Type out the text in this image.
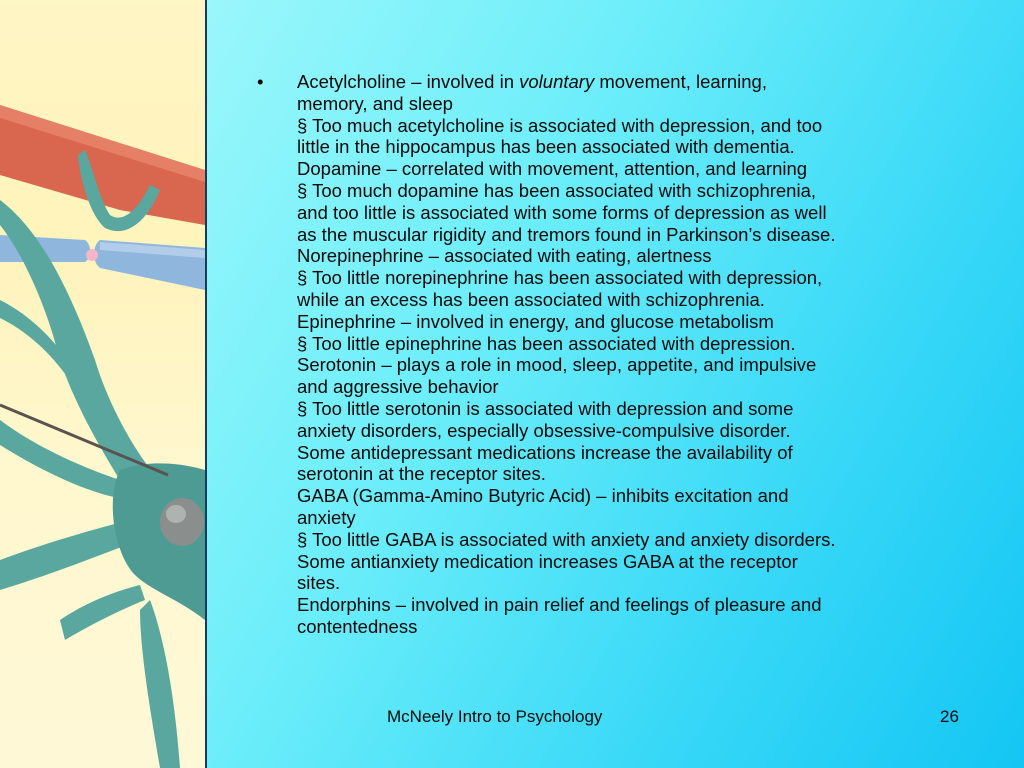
• Acetylcholine – involved in voluntary movement, learning,
memory, and sleep
§ Too much acetylcholine is associated with depression, and too
little in the hippocampus has been associated with dementia.
Dopamine – correlated with movement, attention, and learning
§ Too much dopamine has been associated with schizophrenia,
and too little is associated with some forms of depression as well
as the muscular rigidity and tremors found in Parkinson’s disease.
Norepinephrine – associated with eating, alertness
§ Too little norepinephrine has been associated with depression,
while an excess has been associated with schizophrenia.
Epinephrine – involved in energy, and glucose metabolism
§ Too little epinephrine has been associated with depression.
Serotonin – plays a role in mood, sleep, appetite, and impulsive
and aggressive behavior
§ Too little serotonin is associated with depression and some
anxiety disorders, especially obsessive-compulsive disorder.
Some antidepressant medications increase the availability of
serotonin at the receptor sites.
GABA (Gamma-Amino Butyric Acid) – inhibits excitation and
anxiety
§ Too little GABA is associated with anxiety and anxiety disorders.
Some antianxiety medication increases GABA at the receptor
sites.
Endorphins – involved in pain relief and feelings of pleasure and
contentedness
McNeely Intro to Psychology	26
